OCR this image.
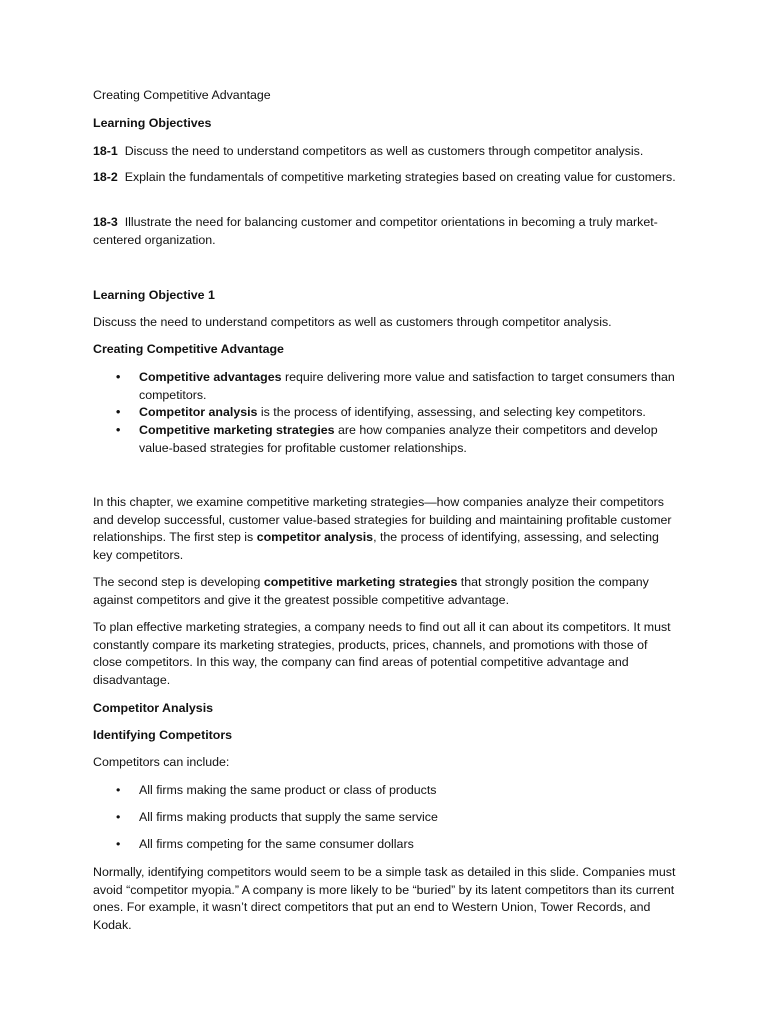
Creating Competitive Advantage

Learning Objectives

18-1 Discuss the need to understand competitors as well as customers through competitor analysis.

18-2 Explain the fundamentals of competitive marketing strategies based on creating value for customers.

18-3 Illustrate the need for balancing customer and competitor orientations in becoming a truly market-centered organization.

Learning Objective 1

Discuss the need to understand competitors as well as customers through competitor analysis.

Creating Competitive Advantage

• Competitive advantages require delivering more value and satisfaction to target consumers than competitors.

• Competitor analysis is the process of identifying, assessing, and selecting key competitors.

• Competitive marketing strategies are how companies analyze their competitors and develop value-based strategies for profitable customer relationships.

In this chapter, we examine competitive marketing strategies—how companies analyze their competitors and develop successful, customer value-based strategies for building and maintaining profitable customer relationships. The first step is competitor analysis, the process of identifying, assessing, and selecting key competitors.

The second step is developing competitive marketing strategies that strongly position the company against competitors and give it the greatest possible competitive advantage.

To plan effective marketing strategies, a company needs to find out all it can about its competitors. It must constantly compare its marketing strategies, products, prices, channels, and promotions with those of close competitors. In this way, the company can find areas of potential competitive advantage and disadvantage.

Competitor Analysis

Identifying Competitors

Competitors can include:

• All firms making the same product or class of products

• All firms making products that supply the same service

• All firms competing for the same consumer dollars

Normally, identifying competitors would seem to be a simple task as detailed in this slide. Companies must avoid “competitor myopia.” A company is more likely to be “buried” by its latent competitors than its current ones. For example, it wasn’t direct competitors that put an end to Western Union, Tower Records, and Kodak.
